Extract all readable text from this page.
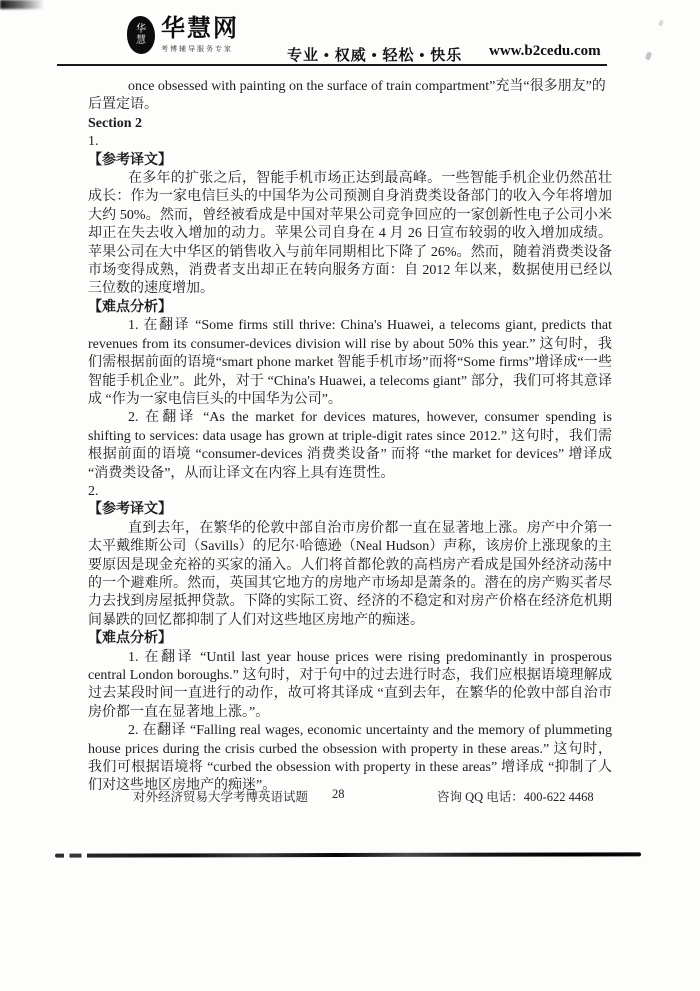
华
慧 华慧网
考博辅导服务专家	专业 • 权威 • 轻松 • 快乐 www.b2cedu.com

once obsessed with painting on the surface of train compartment”充当“很多朋友”的后置定语。

Section 2

1.

【参考译文】

在多年的扩张之后，智能手机市场正达到最高峰。一些智能手机企业仍然茁壮成长：作为一家电信巨头的中国华为公司预测自身消费类设备部门的收入今年将增加大约 50%。然而，曾经被看成是中国对苹果公司竞争回应的一家创新性电子公司小米却正在失去收入增加的动力。苹果公司自身在 4 月 26 日宣布较弱的收入增加成绩。苹果公司在大中华区的销售收入与前年同期相比下降了 26%。然而，随着消费类设备市场变得成熟，消费者支出却正在转向服务方面：自 2012 年以来，数据使用已经以三位数的速度增加。

【难点分析】

1. 在翻译 “Some firms still thrive: China's Huawei, a telecoms giant, predicts that revenues from its consumer-devices division will rise by about 50% this year.” 这句时，我们需根据前面的语境“smart phone market 智能手机市场”而将“Some firms”增译成“一些智能手机企业”。此外，对于 “China's Huawei, a telecoms giant” 部分，我们可将其意译成 “作为一家电信巨头的中国华为公司”。

2. 在翻译 “As the market for devices matures, however, consumer spending is shifting to services: data usage has grown at triple-digit rates since 2012.” 这句时，我们需根据前面的语境 “consumer-devices 消费类设备” 而将 “the market for devices” 增译成 “消费类设备”，从而让译文在内容上具有连贯性。

2.

【参考译文】

直到去年，在繁华的伦敦中部自治市房价都一直在显著地上涨。房产中介第一太平戴维斯公司（Savills）的尼尔·哈德逊（Neal Hudson）声称，该房价上涨现象的主要原因是现金充裕的买家的涌入。人们将首都伦敦的高档房产看成是国外经济动荡中的一个避难所。然而，英国其它地方的房地产市场却是萧条的。潜在的房产购买者尽力去找到房屋抵押贷款。下降的实际工资、经济的不稳定和对房产价格在经济危机期间暴跌的回忆都抑制了人们对这些地区房地产的痴迷。

【难点分析】

1. 在翻译 “Until last year house prices were rising predominantly in prosperous central London boroughs.” 这句时，对于句中的过去进行时态，我们应根据语境理解成过去某段时间一直进行的动作，故可将其译成 “直到去年，在繁华的伦敦中部自治市房价都一直在显著地上涨。”。

2. 在翻译 “Falling real wages, economic uncertainty and the memory of plummeting house prices during the crisis curbed the obsession with property in these areas.” 这句时，我们可根据语境将 “curbed the obsession with property in these areas” 增译成 “抑制了人们对这些地区房地产的痴迷”。

对外经济贸易大学考博英语试题 28	咨询 QQ 电话：400-622 4468
